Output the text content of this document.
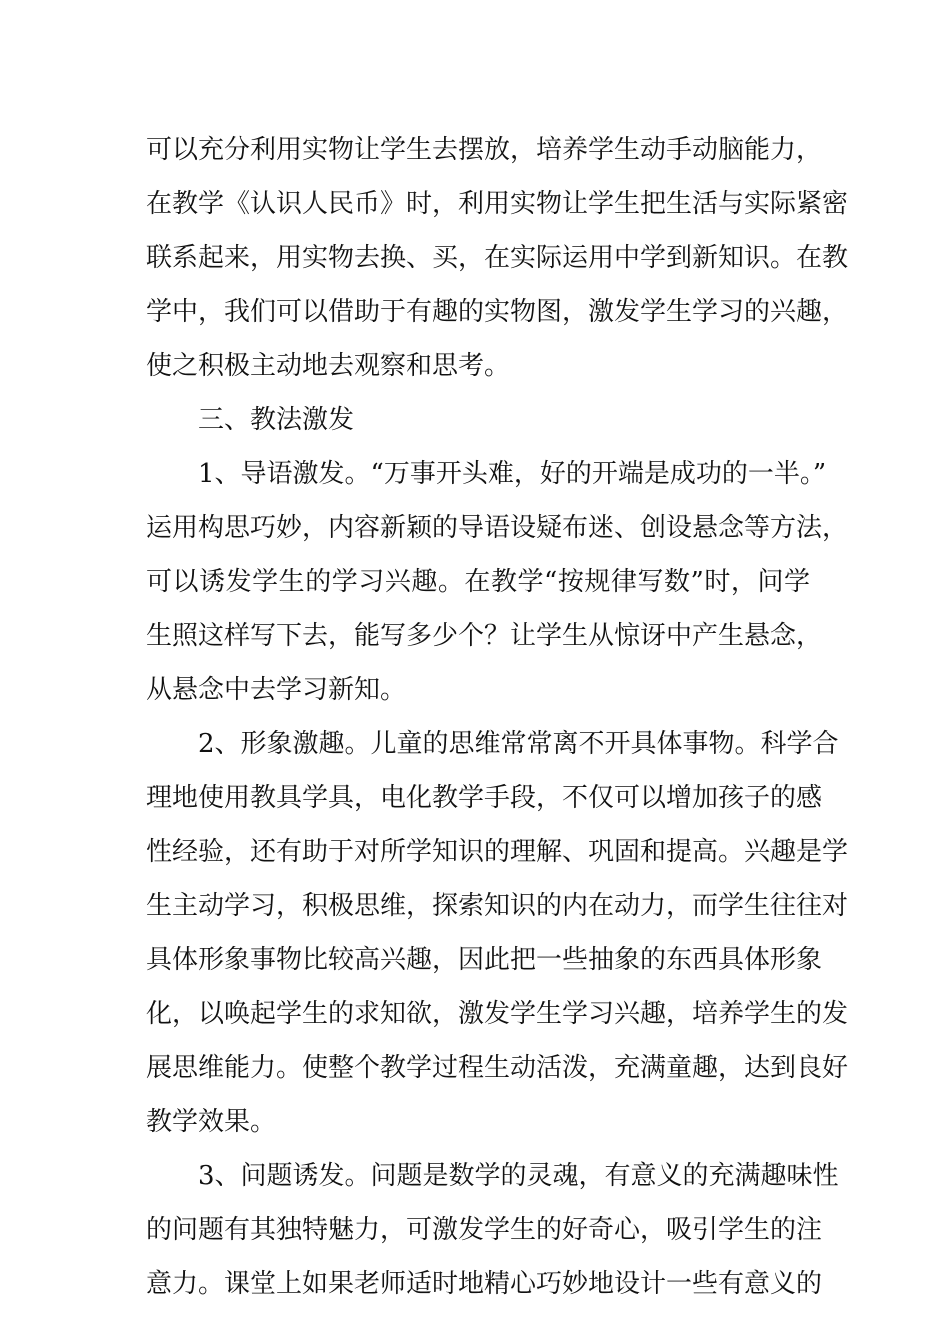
可以充分利用实物让学生去摆放，培养学生动手动脑能力，
在教学《认识人民币》时，利用实物让学生把生活与实际紧密
联系起来，用实物去换、买，在实际运用中学到新知识。在教
学中，我们可以借助于有趣的实物图，激发学生学习的兴趣，
使之积极主动地去观察和思考。
三、教法激发
1、导语激发。“万事开头难，好的开端是成功的一半。”
运用构思巧妙，内容新颖的导语设疑布迷、创设悬念等方法，
可以诱发学生的学习兴趣。在教学“按规律写数”时，问学
生照这样写下去，能写多少个？让学生从惊讶中产生悬念，
从悬念中去学习新知。
2、形象激趣。儿童的思维常常离不开具体事物。科学合
理地使用教具学具，电化教学手段，不仅可以增加孩子的感
性经验，还有助于对所学知识的理解、巩固和提高。兴趣是学
生主动学习，积极思维，探索知识的内在动力，而学生往往对
具体形象事物比较高兴趣，因此把一些抽象的东西具体形象
化，以唤起学生的求知欲，激发学生学习兴趣，培养学生的发
展思维能力。使整个教学过程生动活泼，充满童趣，达到良好
教学效果。
3、问题诱发。问题是数学的灵魂，有意义的充满趣味性
的问题有其独特魅力，可激发学生的好奇心，吸引学生的注
意力。课堂上如果老师适时地精心巧妙地设计一些有意义的
